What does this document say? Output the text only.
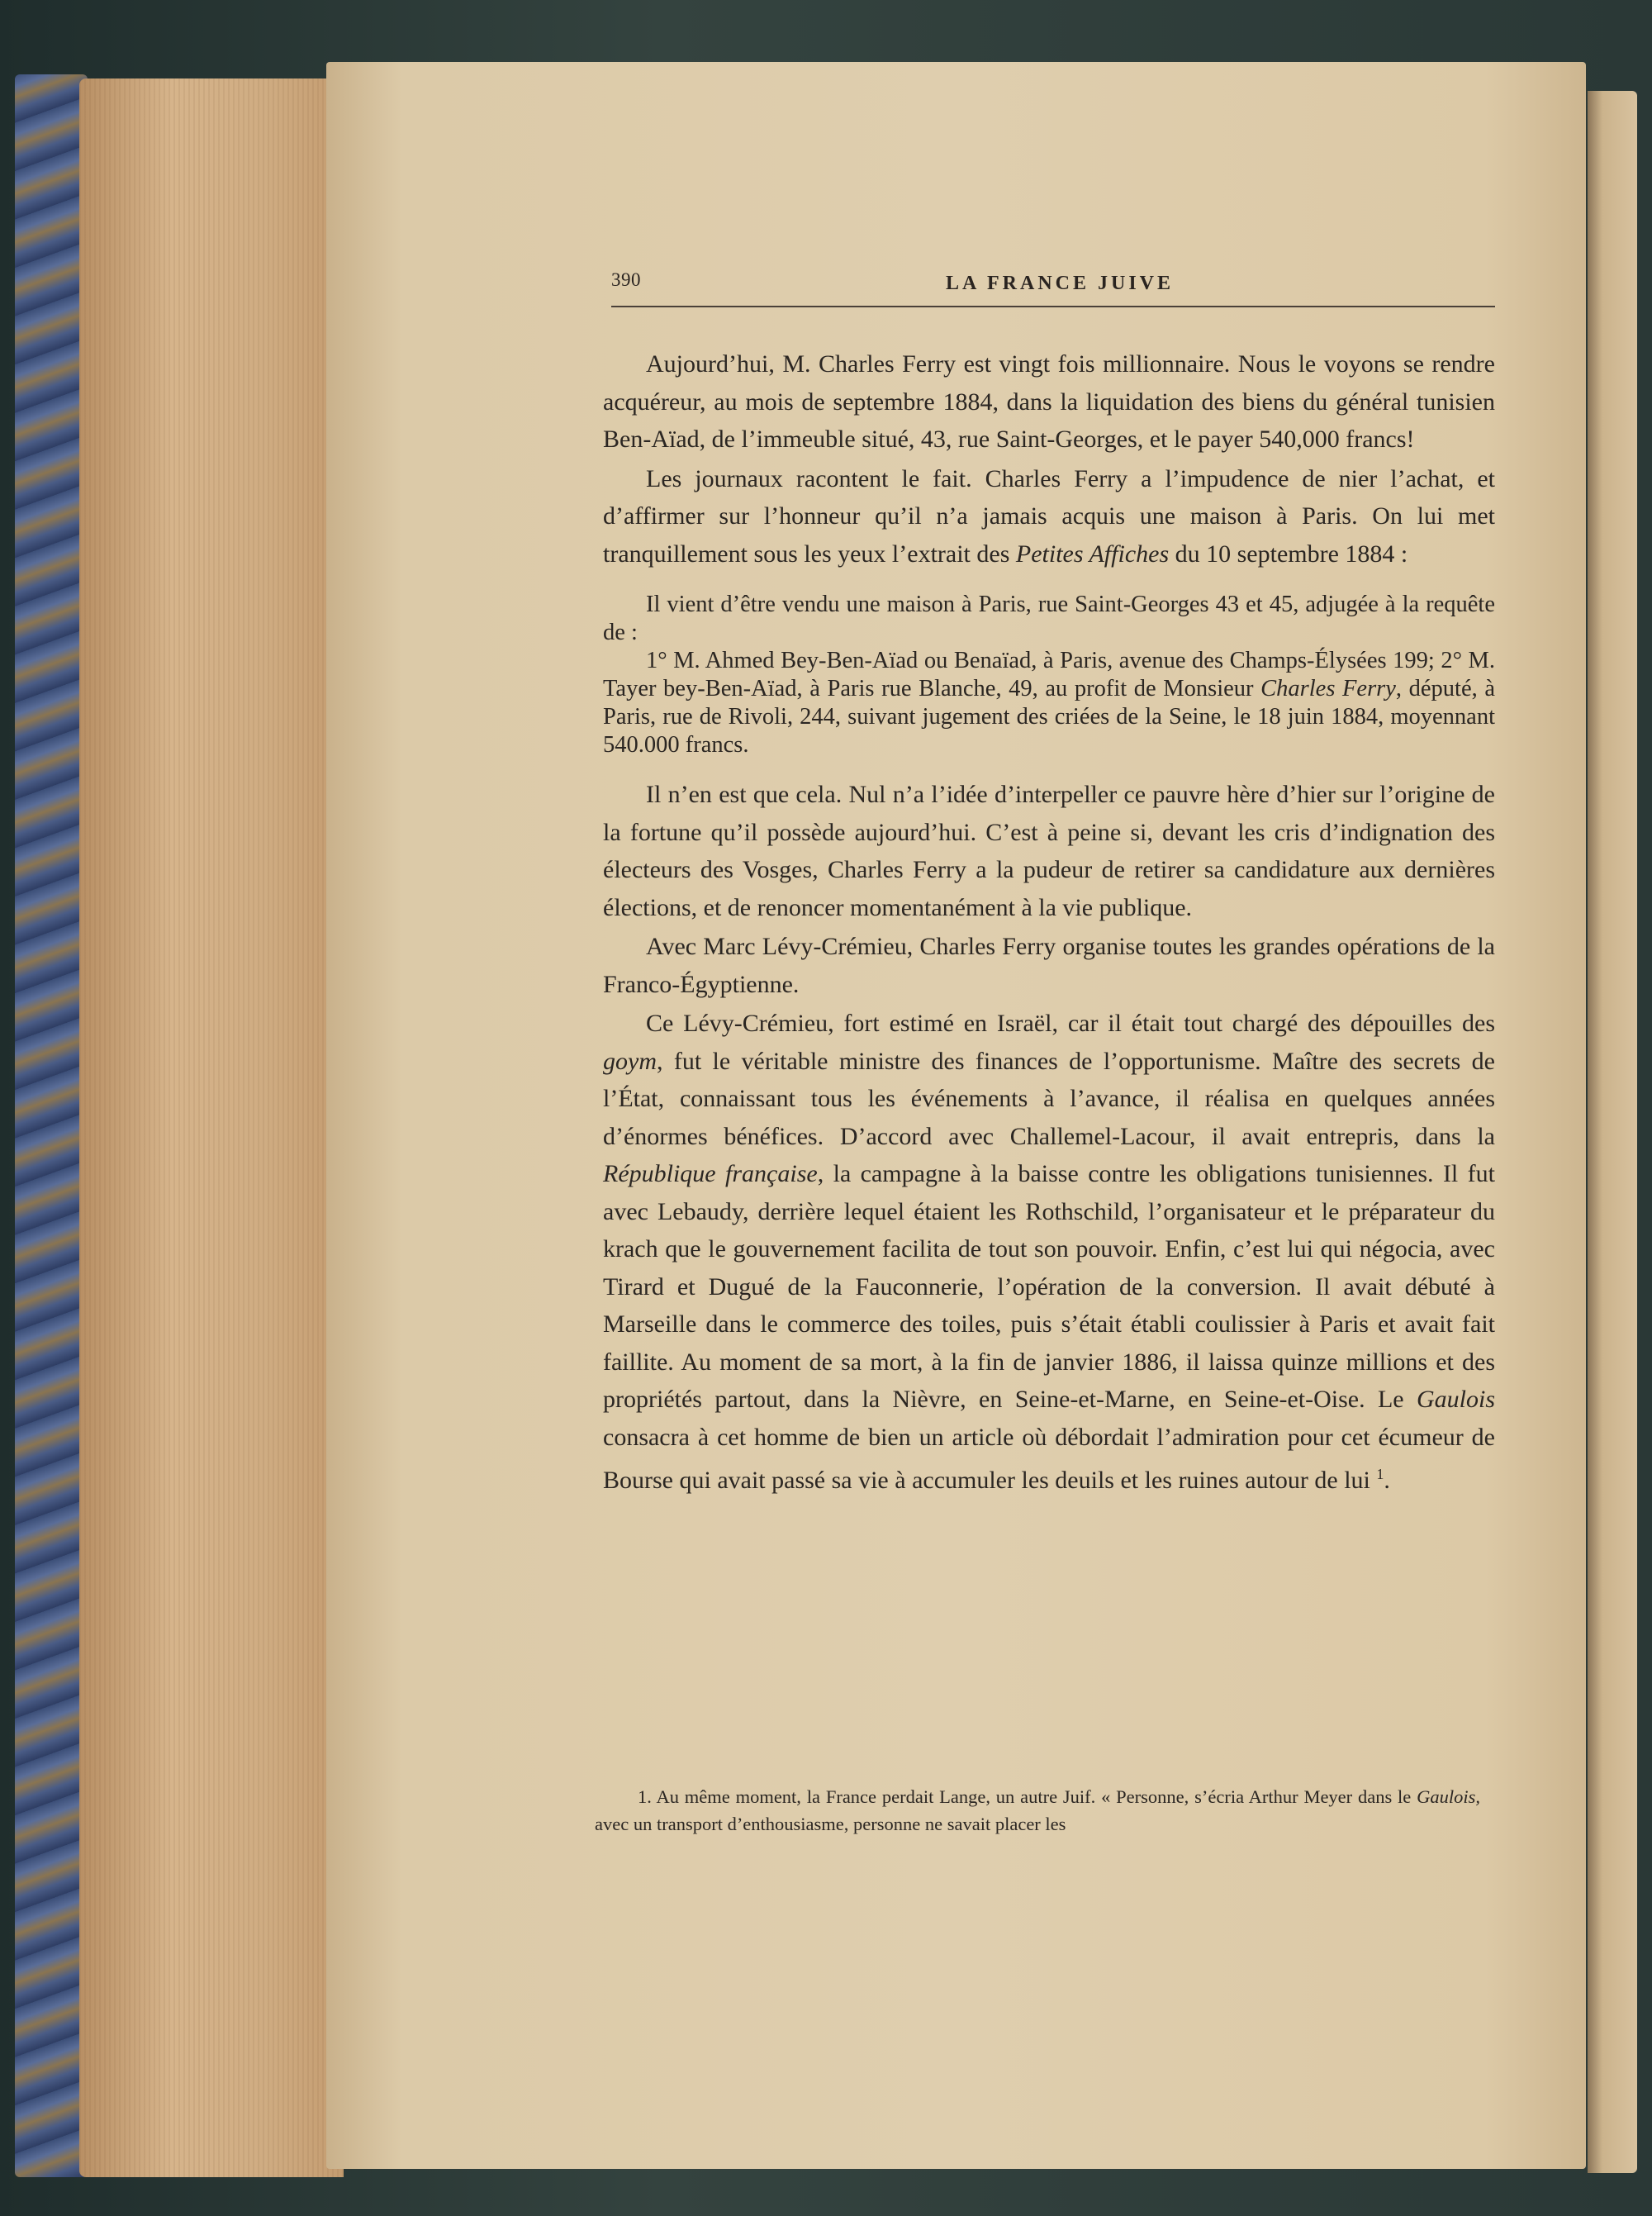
390	LA FRANCE JUIVE

Aujourd’hui, M. Charles Ferry est vingt fois millionnaire. Nous le voyons se rendre acquéreur, au mois de septembre 1884, dans la liquidation des biens du général tunisien Ben-Aïad, de l’immeuble situé, 43, rue Saint-Georges, et le payer 540,000 francs!

Les journaux racontent le fait. Charles Ferry a l’impudence de nier l’achat, et d’affirmer sur l’honneur qu’il n’a jamais acquis une maison à Paris. On lui met tranquillement sous les yeux l’extrait des Petites Affiches du 10 septembre 1884 :

Il vient d’être vendu une maison à Paris, rue Saint-Georges 43 et 45, adjugée à la requête de :
1° M. Ahmed Bey-Ben-Aïad ou Benaïad, à Paris, avenue des Champs-Élysées 199; 2° M. Tayer bey-Ben-Aïad, à Paris rue Blanche, 49, au profit de Monsieur Charles Ferry, député, à Paris, rue de Rivoli, 244, suivant jugement des criées de la Seine, le 18 juin 1884, moyennant 540.000 francs.

Il n’en est que cela. Nul n’a l’idée d’interpeller ce pauvre hère d’hier sur l’origine de la fortune qu’il possède aujourd’hui. C’est à peine si, devant les cris d’indignation des électeurs des Vosges, Charles Ferry a la pudeur de retirer sa candidature aux dernières élections, et de renoncer momentanément à la vie publique.

Avec Marc Lévy-Crémieu, Charles Ferry organise toutes les grandes opérations de la Franco-Égyptienne.

Ce Lévy-Crémieu, fort estimé en Israël, car il était tout chargé des dépouilles des goym, fut le véritable ministre des finances de l’opportunisme. Maître des secrets de l’État, connaissant tous les événements à l’avance, il réalisa en quelques années d’énormes bénéfices. D’accord avec Challemel-Lacour, il avait entrepris, dans la République française, la campagne à la baisse contre les obligations tunisiennes. Il fut avec Lebaudy, derrière lequel étaient les Rothschild, l’organisateur et le préparateur du krach que le gouvernement facilita de tout son pouvoir. Enfin, c’est lui qui négocia, avec Tirard et Dugué de la Fauconnerie, l’opération de la conversion. Il avait débuté à Marseille dans le commerce des toiles, puis s’était établi coulissier à Paris et avait fait faillite. Au moment de sa mort, à la fin de janvier 1886, il laissa quinze millions et des propriétés partout, dans la Nièvre, en Seine-et-Marne, en Seine-et-Oise. Le Gaulois consacra à cet homme de bien un article où débordait l’admiration pour cet écumeur de Bourse qui avait passé sa vie à accumuler les deuils et les ruines autour de lui $^1$.

1. Au même moment, la France perdait Lange, un autre Juif. « Personne, s’écria Arthur Meyer dans le Gaulois, avec un transport d’enthousiasme, personne ne savait placer les
